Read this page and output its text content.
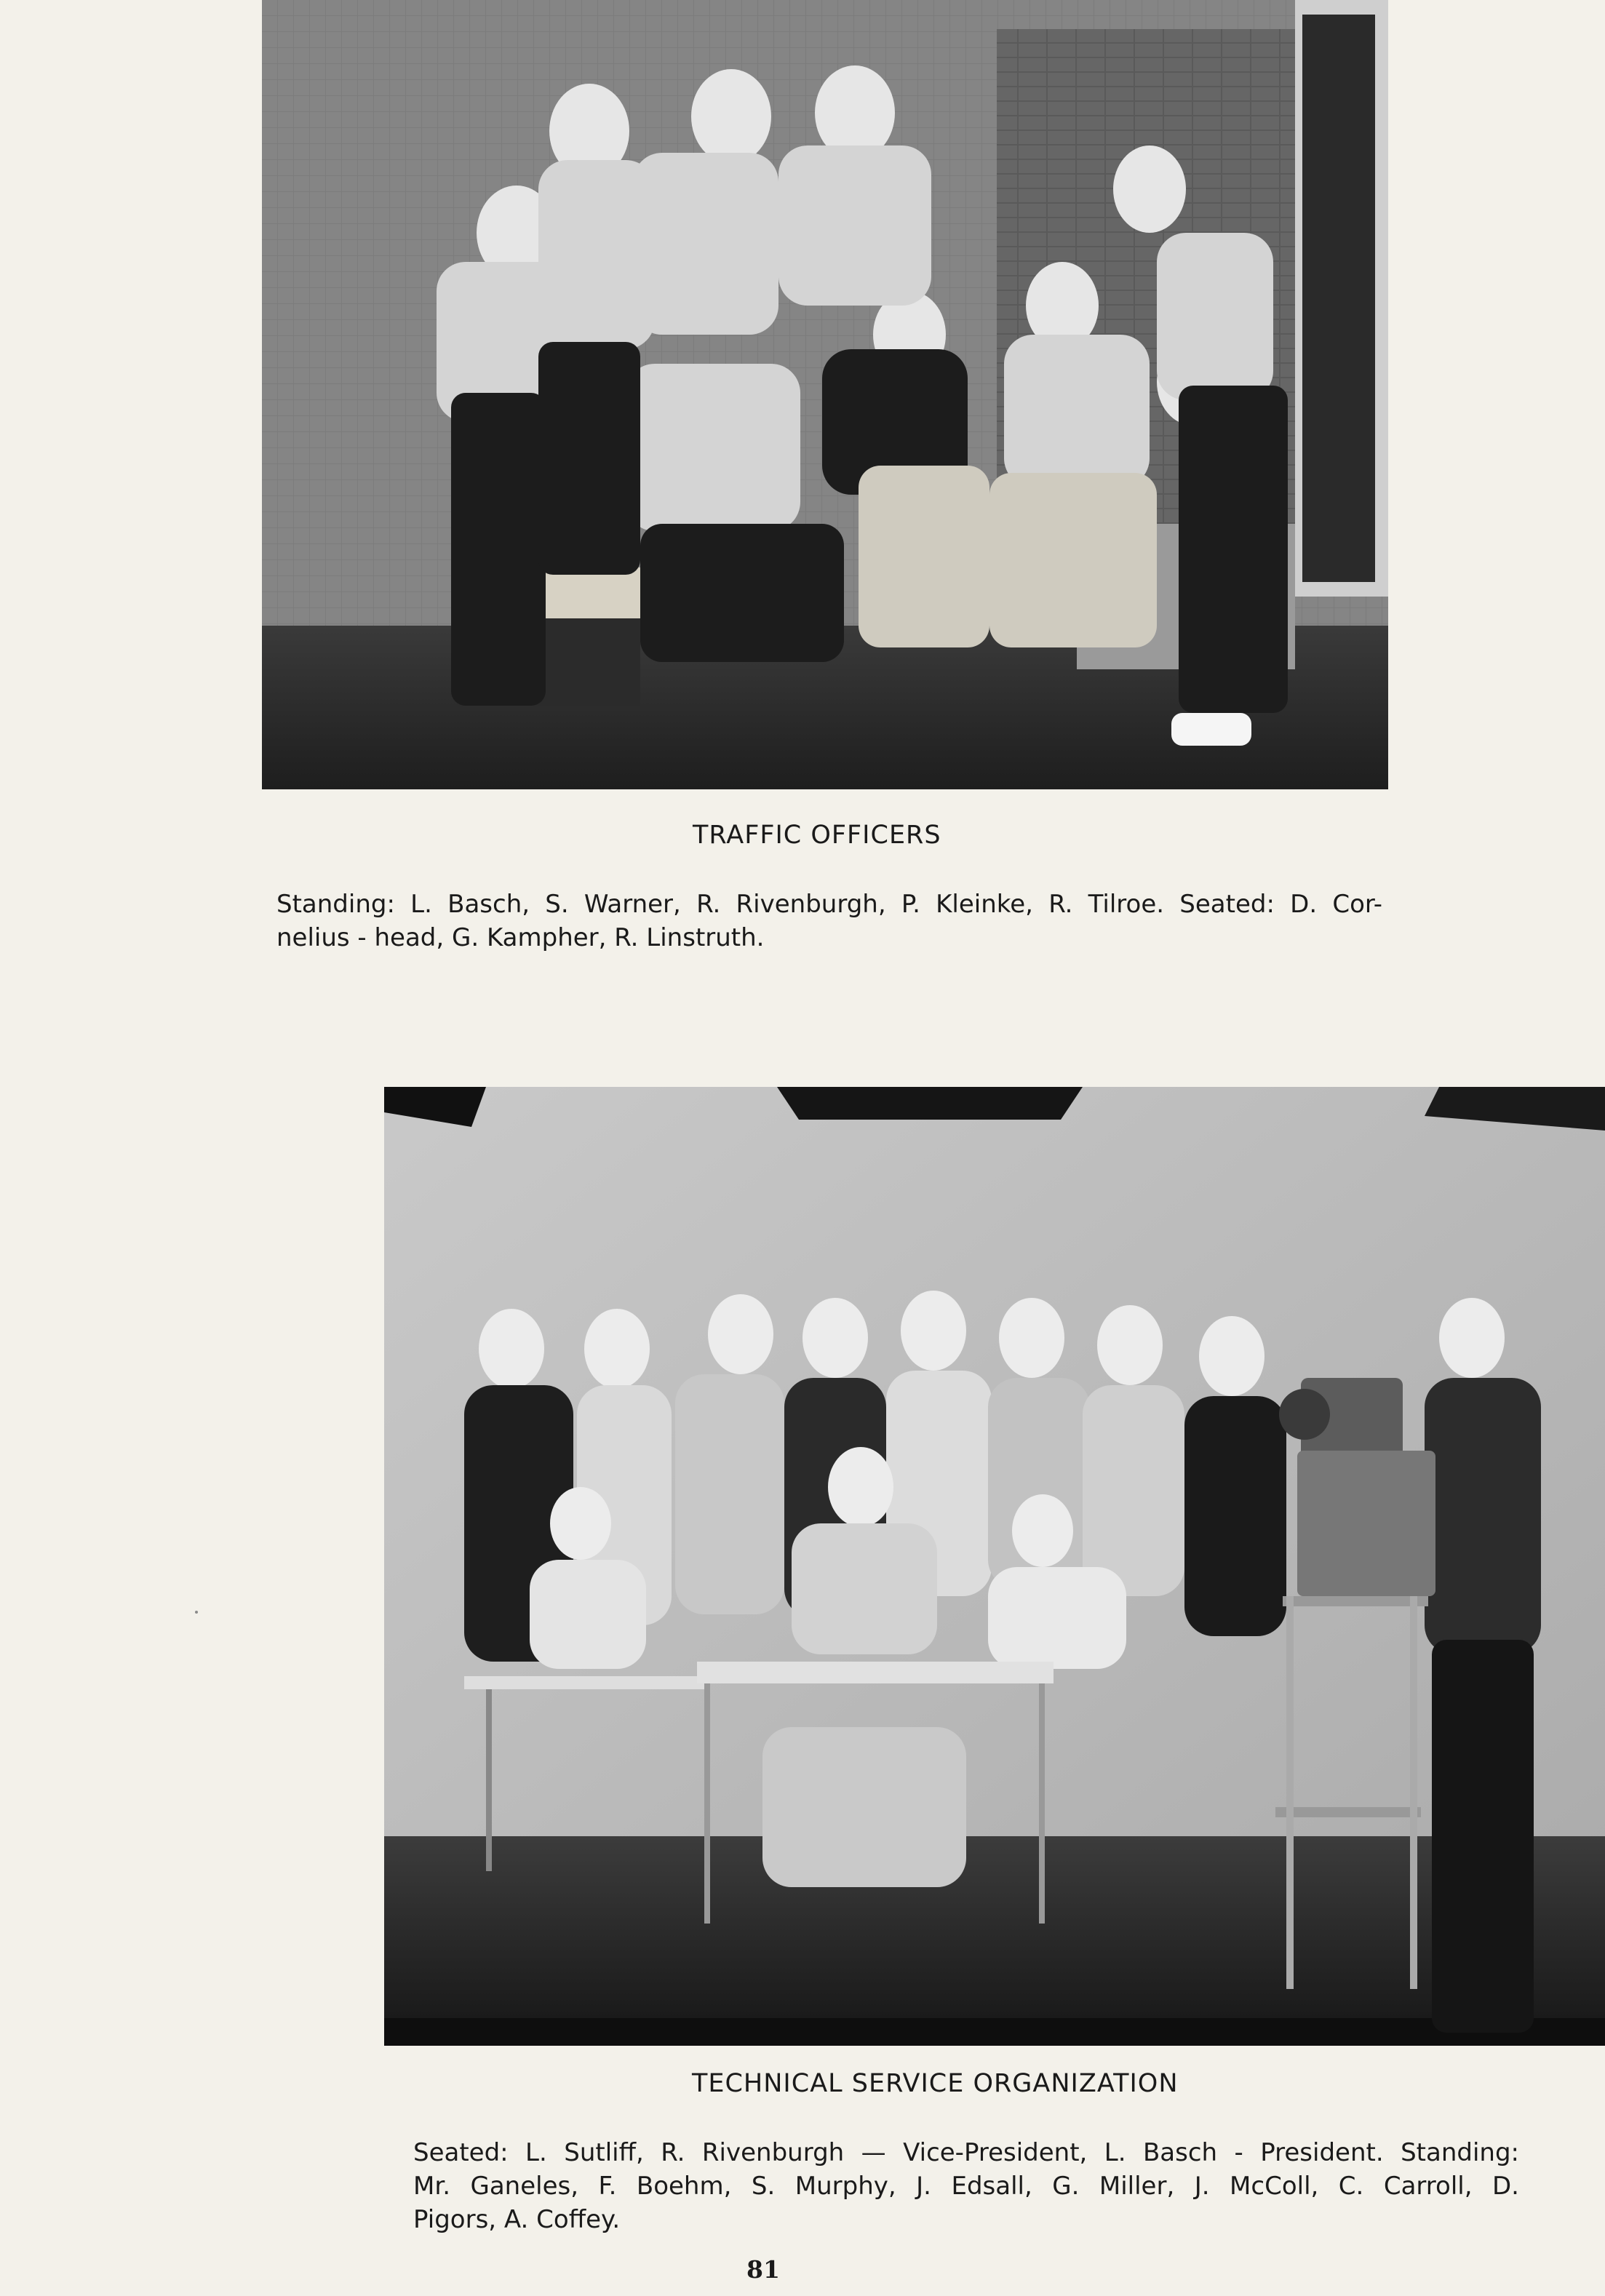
TRAFFIC OFFICERS
Standing: L. Basch, S. Warner, R. Rivenburgh, P. Kleinke, R. Tilroe. Seated: D. Cor-
nelius - head, G. Kampher, R. Linstruth.
TECHNICAL SERVICE ORGANIZATION
Seated: L. Sutliff, R. Rivenburgh — Vice-President, L. Basch - President. Standing:
Mr. Ganeles, F. Boehm, S. Murphy, J. Edsall, G. Miller, J. McColl, C. Carroll, D.
Pigors, A. Coffey.
81
